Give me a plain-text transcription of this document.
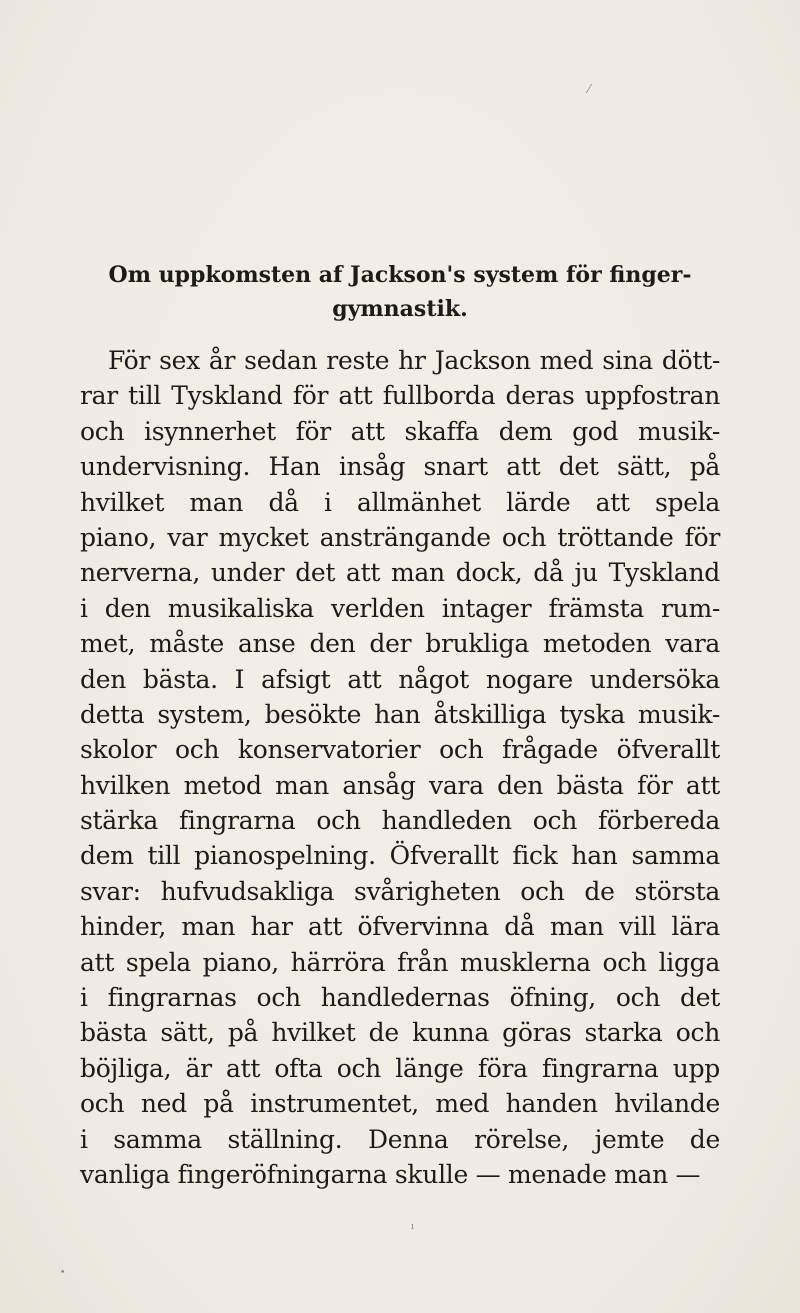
⁄
Om uppkomsten af Jackson's system för finger-
gymnastik.
För sex år sedan reste hr Jackson med sina dött-
rar till Tyskland för att fullborda deras uppfostran
och isynnerhet för att skaffa dem god musik-
undervisning. Han insåg snart att det sätt, på
hvilket man då i allmänhet lärde att spela
piano, var mycket ansträngande och tröttande för
nerverna, under det att man dock, då ju Tyskland
i den musikaliska verlden intager främsta rum-
met, måste anse den der brukliga metoden vara
den bästa. I afsigt att något nogare undersöka
detta system, besökte han åtskilliga tyska musik-
skolor och konservatorier och frågade öfverallt
hvilken metod man ansåg vara den bästa för att
stärka fingrarna och handleden och förbereda
dem till pianospelning. Öfverallt fick han samma
svar: hufvudsakliga svårigheten och de största
hinder, man har att öfvervinna då man vill lära
att spela piano, härröra från musklerna och ligga
i fingrarnas och handledernas öfning, och det
bästa sätt, på hvilket de kunna göras starka och
böjliga, är att ofta och länge föra fingrarna upp
och ned på instrumentet, med handen hvilande
i samma ställning. Denna rörelse, jemte de
vanliga fingeröfningarna skulle — menade man —
ı
•
